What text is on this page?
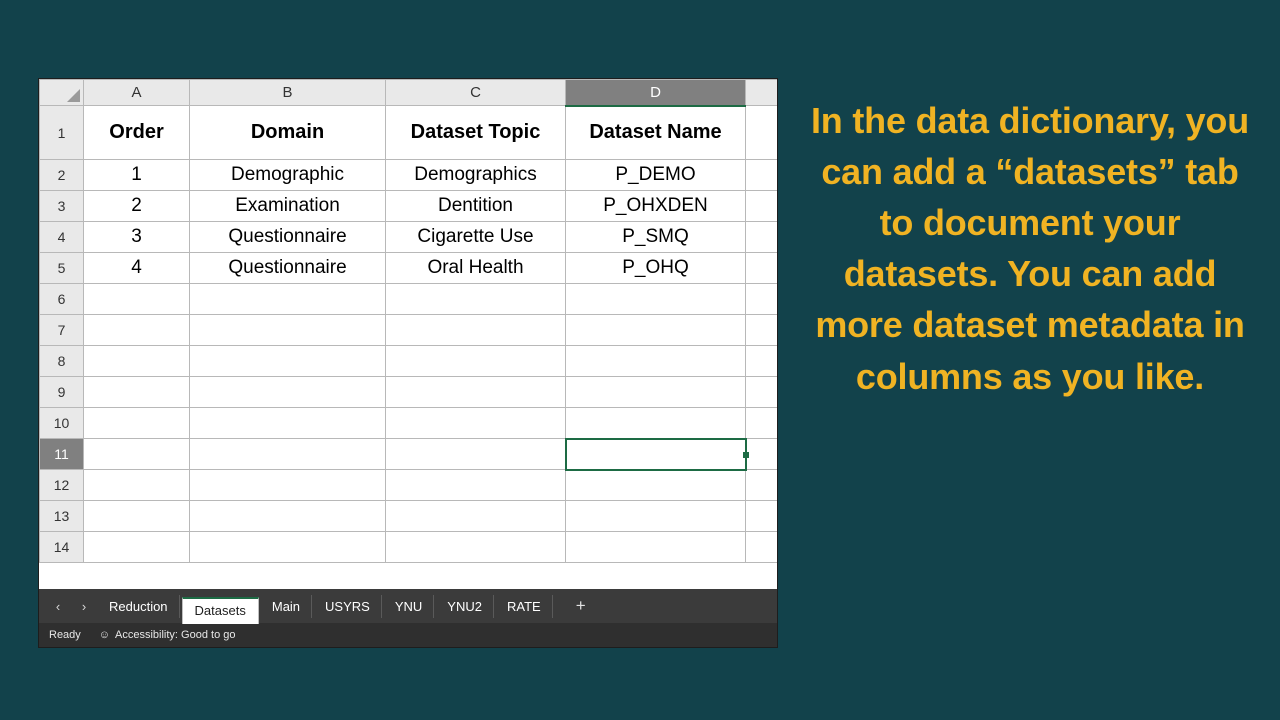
	A	B	C	D	
1	Order	Domain	Dataset Topic	Dataset Name	
2	1	Demographic	Demographics	P_DEMO	
3	2	Examination	Dentition	P_OHXDEN	
4	3	Questionnaire	Cigarette Use	P_SMQ	
5	4	Questionnaire	Oral Health	P_OHQ	
6					
7					
8					
9					
10					
11				

12					
13					
14					
‹	›	Reduction	Datasets	Main	USYRS	YNU	YNU2	RATE	+
Ready ☺ Accessibility: Good to go
In the data dictionary, you can add a “datasets” tab to document your datasets. You can add more dataset metadata in columns as you like.
